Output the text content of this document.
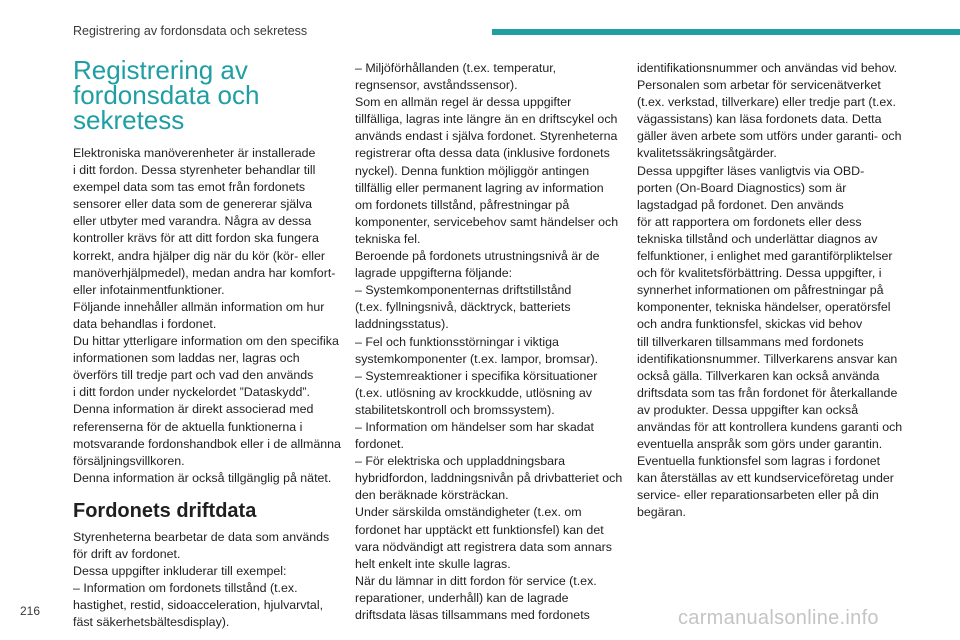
Registrering av fordonsdata och sekretess

Registrering av
fordonsdata och
sekretess

Elektroniska manöverenheter är installerade
i ditt fordon. Dessa styrenheter behandlar till
exempel data som tas emot från fordonets
sensorer eller data som de genererar själva
eller utbyter med varandra. Några av dessa
kontroller krävs för att ditt fordon ska fungera
korrekt, andra hjälper dig när du kör (kör- eller
manöverhjälpmedel), medan andra har komfort-
eller infotainmentfunktioner.
Följande innehåller allmän information om hur
data behandlas i fordonet.
Du hittar ytterligare information om den specifika
informationen som laddas ner, lagras och
överförs till tredje part och vad den används
i ditt fordon under nyckelordet ”Dataskydd”.
Denna information är direkt associerad med
referenserna för de aktuella funktionerna i
motsvarande fordonshandbok eller i de allmänna
försäljningsvillkoren.
Denna information är också tillgänglig på nätet.

Fordonets driftdata

Styrenheterna bearbetar de data som används
för drift av fordonet.
Dessa uppgifter inkluderar till exempel:
– Information om fordonets tillstånd (t.ex.
hastighet, restid, sidoacceleration, hjulvarvtal,
fäst säkerhetsbältesdisplay).

– Miljöförhållanden (t.ex. temperatur,
regnsensor, avståndssensor).
Som en allmän regel är dessa uppgifter
tillfälliga, lagras inte längre än en driftscykel och
används endast i själva fordonet. Styrenheterna
registrerar ofta dessa data (inklusive fordonets
nyckel). Denna funktion möjliggör antingen
tillfällig eller permanent lagring av information
om fordonets tillstånd, påfrestningar på
komponenter, servicebehov samt händelser och
tekniska fel.
Beroende på fordonets utrustningsnivå är de
lagrade uppgifterna följande:
– Systemkomponenternas driftstillstånd
(t.ex. fyllningsnivå, däcktryck, batteriets
laddningsstatus).
– Fel och funktionsstörningar i viktiga
systemkomponenter (t.ex. lampor, bromsar).
– Systemreaktioner i specifika körsituationer
(t.ex. utlösning av krockkudde, utlösning av
stabilitetskontroll och bromssystem).
– Information om händelser som har skadat
fordonet.
– För elektriska och uppladdningsbara
hybridfordon, laddningsnivån på drivbatteriet och
den beräknade körsträckan.
Under särskilda omständigheter (t.ex. om
fordonet har upptäckt ett funktionsfel) kan det
vara nödvändigt att registrera data som annars
helt enkelt inte skulle lagras.
När du lämnar in ditt fordon för service (t.ex.
reparationer, underhåll) kan de lagrade
driftsdata läsas tillsammans med fordonets

identifikationsnummer och användas vid behov.
Personalen som arbetar för servicenätverket
(t.ex. verkstad, tillverkare) eller tredje part (t.ex.
vägassistans) kan läsa fordonets data. Detta
gäller även arbete som utförs under garanti- och
kvalitetssäkringsåtgärder.
Dessa uppgifter läses vanligtvis via OBD-
porten (On-Board Diagnostics) som är
lagstadgad på fordonet. Den används
för att rapportera om fordonets eller dess
tekniska tillstånd och underlättar diagnos av
felfunktioner, i enlighet med garantiförpliktelser
och för kvalitetsförbättring. Dessa uppgifter, i
synnerhet informationen om påfrestningar på
komponenter, tekniska händelser, operatörsfel
och andra funktionsfel, skickas vid behov
till tillverkaren tillsammans med fordonets
identifikationsnummer. Tillverkarens ansvar kan
också gälla. Tillverkaren kan också använda
driftsdata som tas från fordonet för återkallande
av produkter. Dessa uppgifter kan också
användas för att kontrollera kundens garanti och
eventuella anspråk som görs under garantin.
Eventuella funktionsfel som lagras i fordonet
kan återställas av ett kundserviceföretag under
service- eller reparationsarbeten eller på din
begäran.

216	carmanualsonline.info
